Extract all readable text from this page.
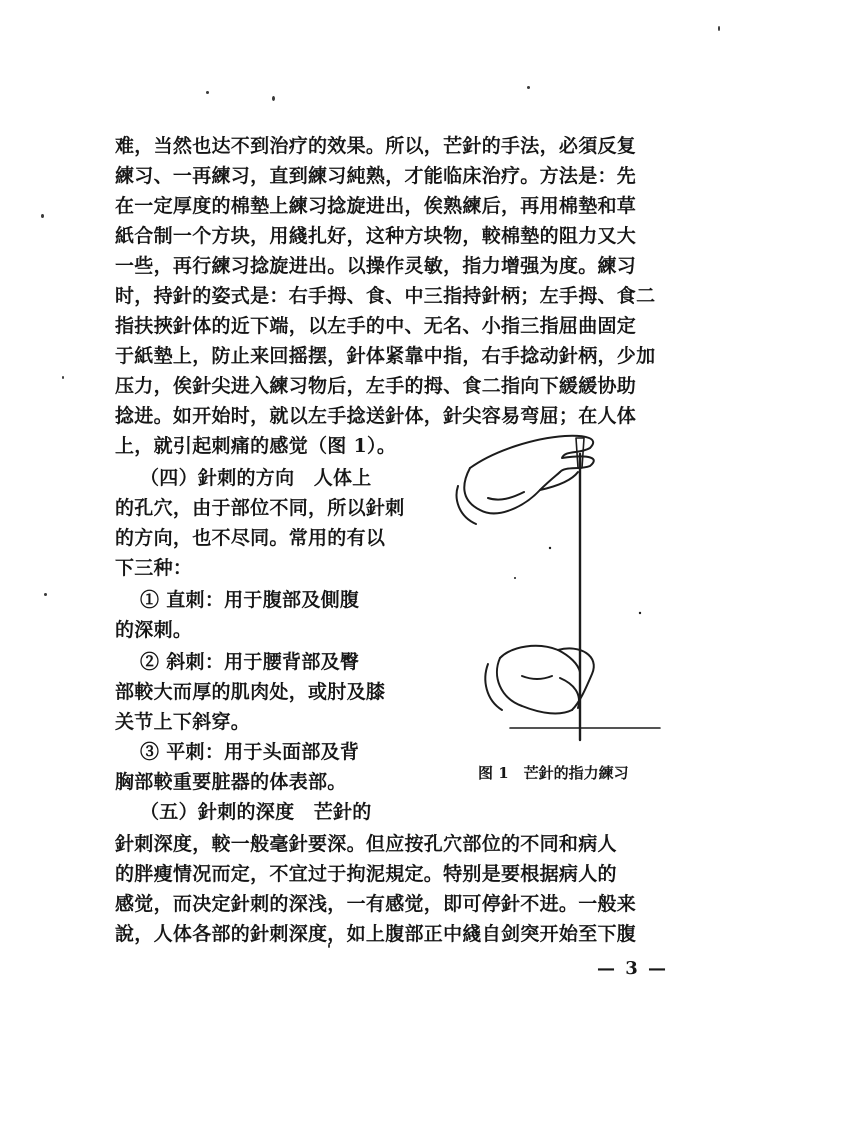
难，当然也达不到治疗的效果。所以，芒針的手法，必須反复
練习、一再練习，直到練习純熟，才能临床治疗。方法是：先
在一定厚度的棉墊上練习捻旋进出，俟熟練后，再用棉墊和草
紙合制一个方块，用綫扎好，这种方块物，較棉墊的阻力又大
一些，再行練习捻旋进出。以操作灵敏，指力增强为度。練习
时，持針的姿式是：右手拇、食、中三指持針柄；左手拇、食二
指扶挾針体的近下端，以左手的中、无名、小指三指屈曲固定
于紙墊上，防止来回摇摆，針体紧靠中指，右手捻动針柄，少加
压力，俟針尖进入練习物后，左手的拇、食二指向下緩緩协助
捻进。如开始时，就以左手捻送針体，針尖容易弯屈；在人体
上，就引起刺痛的感觉（图 1）。
（四）針刺的方向　人体上
的孔穴，由于部位不同，所以針刺
的方向，也不尽同。常用的有以
下三种：
① 直刺：用于腹部及側腹
的深刺。
② 斜刺：用于腰背部及臀
部較大而厚的肌肉处，或肘及膝
关节上下斜穿。
③ 平刺：用于头面部及背
胸部較重要脏器的体表部。
（五）針刺的深度　芒針的
图 1　芒針的指力練习
針刺深度，較一般毫針要深。但应按孔穴部位的不同和病人
的胖瘦情况而定，不宜过于拘泥規定。特别是要根据病人的
感觉，而决定針刺的深浅，一有感觉，即可停針不进。一般来
說，人体各部的針刺深度，如上腹部正中綫自剑突开始至下腹
— 3 —
